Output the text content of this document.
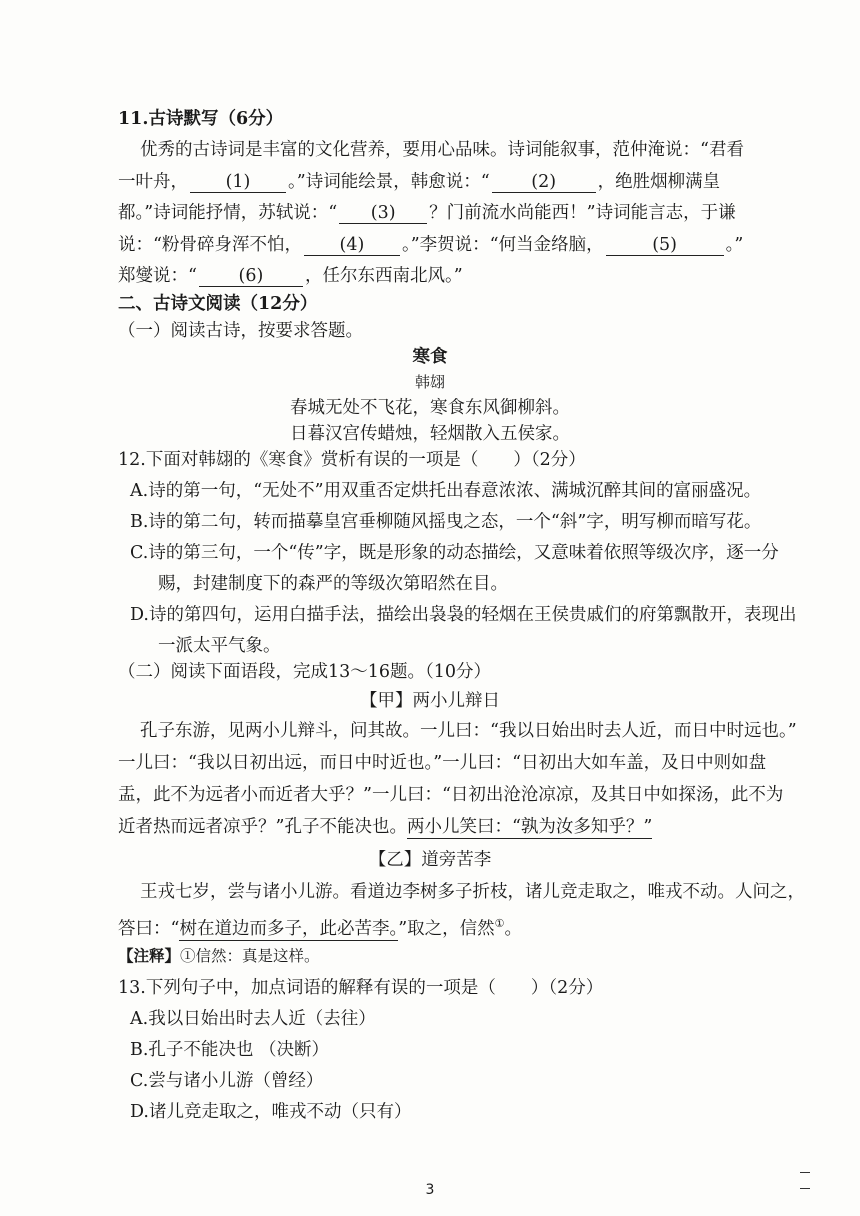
11.古诗默写（6分）
优秀的古诗词是丰富的文化营养，要用心品味。诗词能叙事，范仲淹说：“君看
一叶舟， (1) 。”诗词能绘景，韩愈说：“ (2) ，绝胜烟柳满皇
都。”诗词能抒情，苏轼说：“ (3) ？门前流水尚能西！”诗词能言志，于谦
说：“粉骨碎身浑不怕， (4) 。”李贺说：“何当金络脑，	(5)	。”
郑燮说：“ (6) ，任尔东西南北风。”
二、古诗文阅读（12分）
（一）阅读古诗，按要求答题。
寒食
韩翃
春城无处不飞花，寒食东风御柳斜。
日暮汉宫传蜡烛，轻烟散入五侯家。
12.下面对韩翃的《寒食》赏析有误的一项是（　　）（2分）
A.诗的第一句，“无处不”用双重否定烘托出春意浓浓、满城沉醉其间的富丽盛况。
B.诗的第二句，转而描摹皇宫垂柳随风摇曳之态，一个“斜”字，明写柳而暗写花。
C.诗的第三句，一个“传”字，既是形象的动态描绘，又意味着依照等级次序，逐一分
赐，封建制度下的森严的等级次第昭然在目。
D.诗的第四句，运用白描手法，描绘出袅袅的轻烟在王侯贵戚们的府第飘散开，表现出
一派太平气象。
（二）阅读下面语段，完成13～16题。（10分）
【甲】两小儿辩日
孔子东游，见两小儿辩斗，问其故。一儿曰：“我以日始出时去人近，而日中时远也。”
一儿曰：“我以日初出远，而日中时近也。”一儿曰：“日初出大如车盖，及日中则如盘
盂，此不为远者小而近者大乎？”一儿曰：“日初出沧沧凉凉，及其日中如探汤，此不为
近者热而远者凉乎？”孔子不能决也。两小儿笑曰：“孰为汝多知乎？”
【乙】道旁苦李
王戎七岁，尝与诸小儿游。看道边李树多子折枝，诸儿竞走取之，唯戎不动。人问之，
答曰：“树在道边而多子，此必苦李。”取之，信然①。
【注释】①信然：真是这样。
13.下列句子中，加点词语的解释有误的一项是（　　）（2分）
A.我以日始出时去人近（去往）
B.孔子不能决也 （决断）
C.尝与诸小儿游（曾经）
D.诸儿竞走取之，唯戎不动（只有）
3
